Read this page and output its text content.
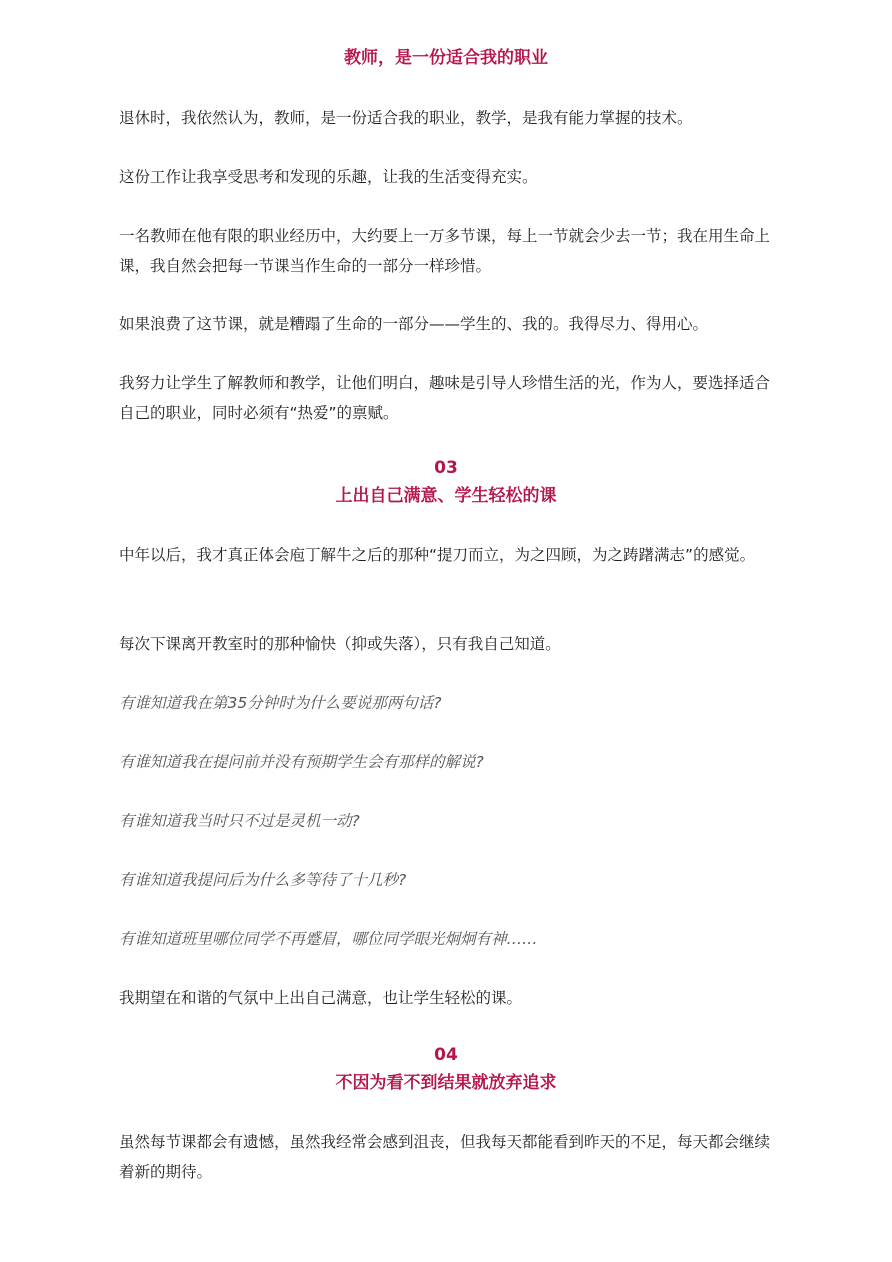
教师，是一份适合我的职业
退休时，我依然认为，教师，是一份适合我的职业，教学，是我有能力掌握的技术。
这份工作让我享受思考和发现的乐趣，让我的生活变得充实。
一名教师在他有限的职业经历中，大约要上一万多节课，每上一节就会少去一节；我在用生命上课，我自然会把每一节课当作生命的一部分一样珍惜。
如果浪费了这节课，就是糟蹋了生命的一部分——学生的、我的。我得尽力、得用心。
我努力让学生了解教师和教学，让他们明白，趣味是引导人珍惜生活的光，作为人，要选择适合自己的职业，同时必须有“热爱”的禀赋。
03
上出自己满意、学生轻松的课
中年以后，我才真正体会庖丁解牛之后的那种“提刀而立，为之四顾，为之踌躇满志”的感觉。
每次下课离开教室时的那种愉快（抑或失落），只有我自己知道。
有谁知道我在第35分钟时为什么要说那两句话?
有谁知道我在提问前并没有预期学生会有那样的解说?
有谁知道我当时只不过是灵机一动?
有谁知道我提问后为什么多等待了十几秒?
有谁知道班里哪位同学不再蹙眉，哪位同学眼光炯炯有神……
我期望在和谐的气氛中上出自己满意，也让学生轻松的课。
04
不因为看不到结果就放弃追求
虽然每节课都会有遗憾，虽然我经常会感到沮丧，但我每天都能看到昨天的不足，每天都会继续着新的期待。
